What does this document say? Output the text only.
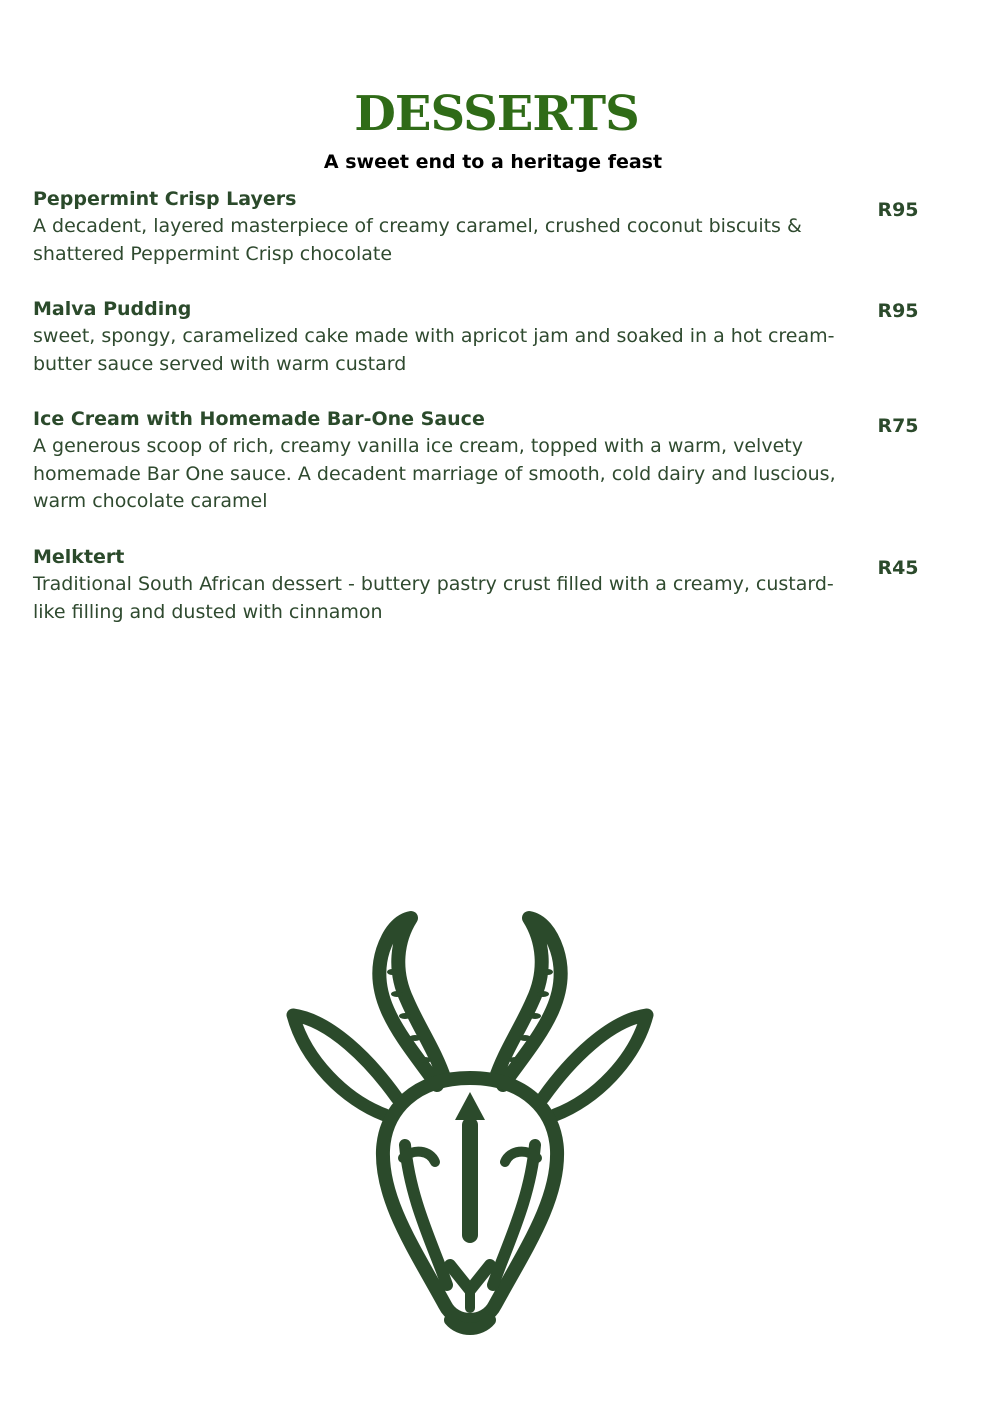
DESSERTS
A sweet end to a heritage feast
Peppermint Crisp Layers
A decadent, layered masterpiece of creamy caramel, crushed coconut biscuits & shattered Peppermint Crisp chocolate
R95
Malva Pudding
sweet, spongy, caramelized cake made with apricot jam and soaked in a hot cream-butter sauce served with warm custard
R95
Ice Cream with Homemade Bar-One Sauce
A generous scoop of rich, creamy vanilla ice cream, topped with a warm, velvety homemade Bar One sauce. A decadent marriage of smooth, cold dairy and luscious, warm chocolate caramel
R75
Melktert
Traditional South African dessert - buttery pastry crust filled with a creamy, custard-like filling and dusted with cinnamon
R45
